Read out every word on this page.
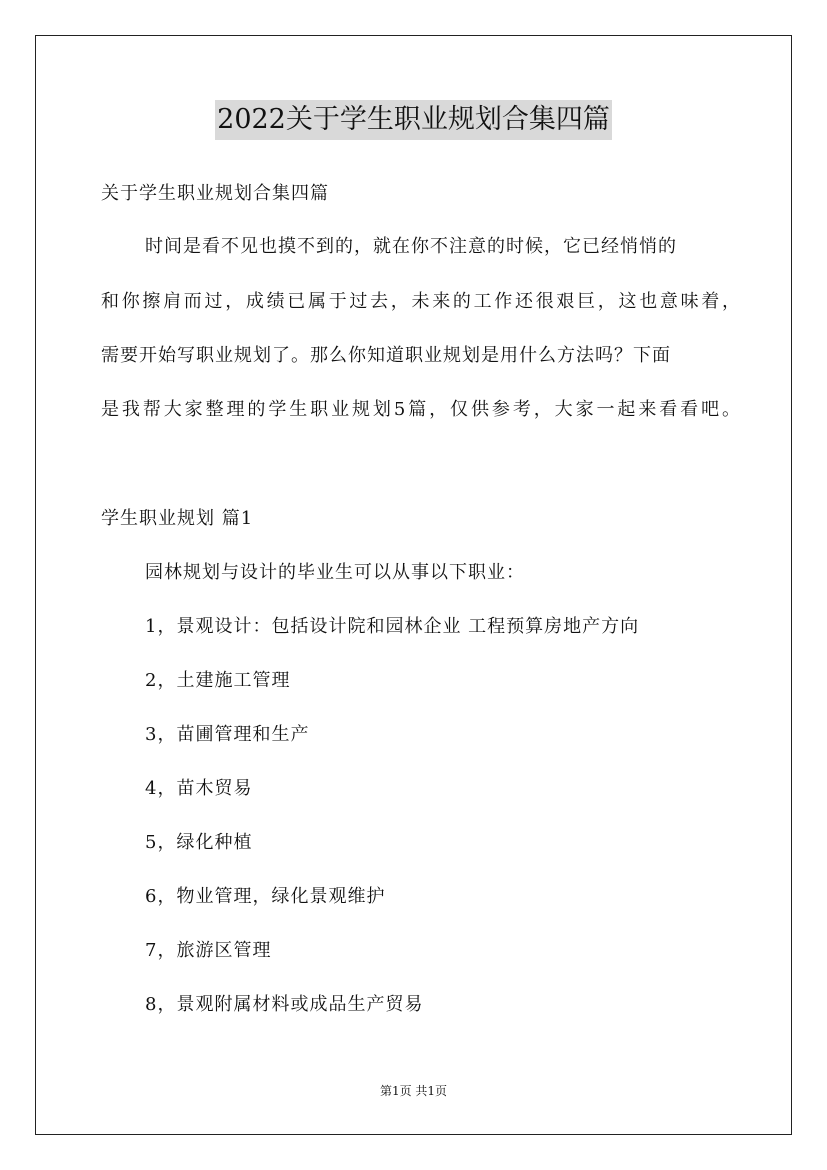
2022关于学生职业规划合集四篇
关于学生职业规划合集四篇
时间是看不见也摸不到的，就在你不注意的时候，它已经悄悄的
和你擦肩而过，成绩已属于过去，未来的工作还很艰巨，这也意味着，
需要开始写职业规划了。那么你知道职业规划是用什么方法吗？下面
是我帮大家整理的学生职业规划5篇，仅供参考，大家一起来看看吧。
学生职业规划 篇1
园林规划与设计的毕业生可以从事以下职业：
1，景观设计：包括设计院和园林企业 工程预算房地产方向
2，土建施工管理
3，苗圃管理和生产
4，苗木贸易
5，绿化种植
6，物业管理，绿化景观维护
7，旅游区管理
8，景观附属材料或成品生产贸易
第1页 共1页
